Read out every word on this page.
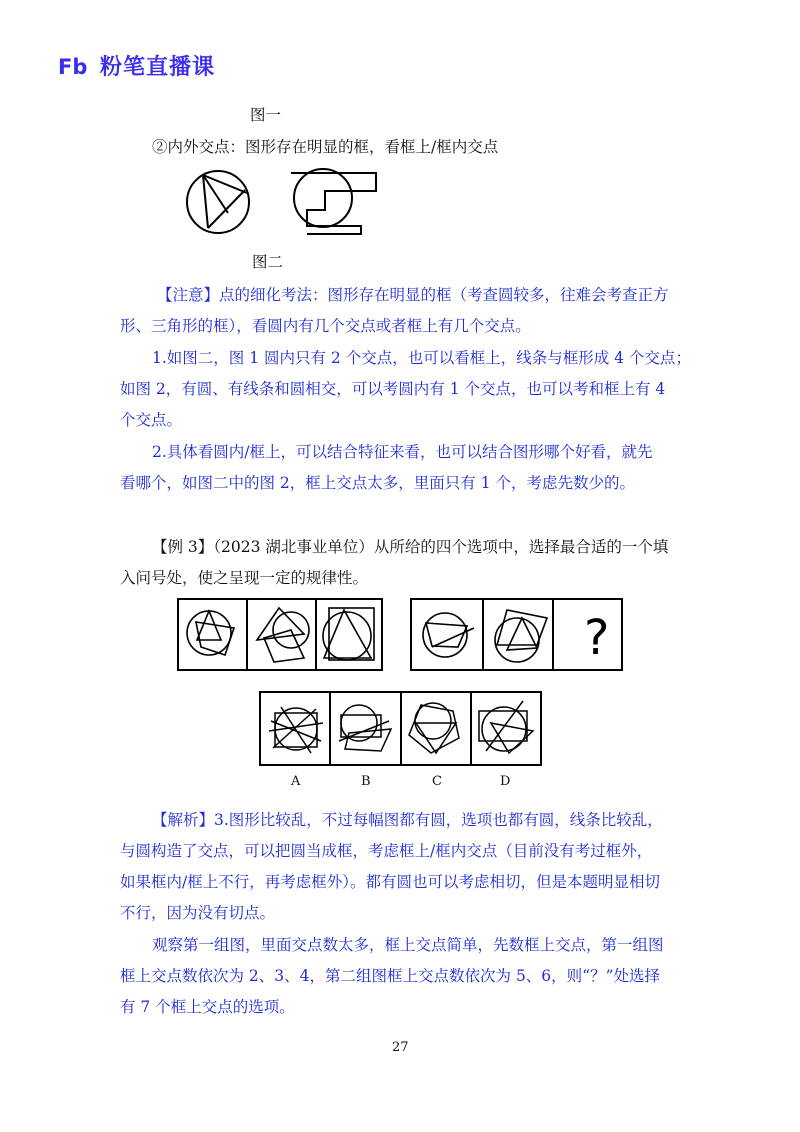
Fb 粉笔直播课
图一
②内外交点：图形存在明显的框，看框上/框内交点
图二
【注意】点的细化考法：图形存在明显的框（考查圆较多，往难会考查正方
形、三角形的框），看圆内有几个交点或者框上有几个交点。
1.如图二，图 1 圆内只有 2 个交点，也可以看框上，线条与框形成 4 个交点；
如图 2，有圆、有线条和圆相交，可以考圆内有 1 个交点，也可以考和框上有 4
个交点。
2.具体看圆内/框上，可以结合特征来看，也可以结合图形哪个好看，就先
看哪个，如图二中的图 2，框上交点太多，里面只有 1 个，考虑先数少的。
【例 3】（2023 湖北事业单位）从所给的四个选项中，选择最合适的一个填
入问号处，使之呈现一定的规律性。
?
A	B	C	D
【解析】3.图形比较乱，不过每幅图都有圆，选项也都有圆，线条比较乱，
与圆构造了交点，可以把圆当成框，考虑框上/框内交点（目前没有考过框外，
如果框内/框上不行，再考虑框外）。都有圆也可以考虑相切，但是本题明显相切
不行，因为没有切点。
观察第一组图，里面交点数太多，框上交点简单，先数框上交点，第一组图
框上交点数依次为 2、3、4，第二组图框上交点数依次为 5、6，则“？”处选择
有 7 个框上交点的选项。
27
